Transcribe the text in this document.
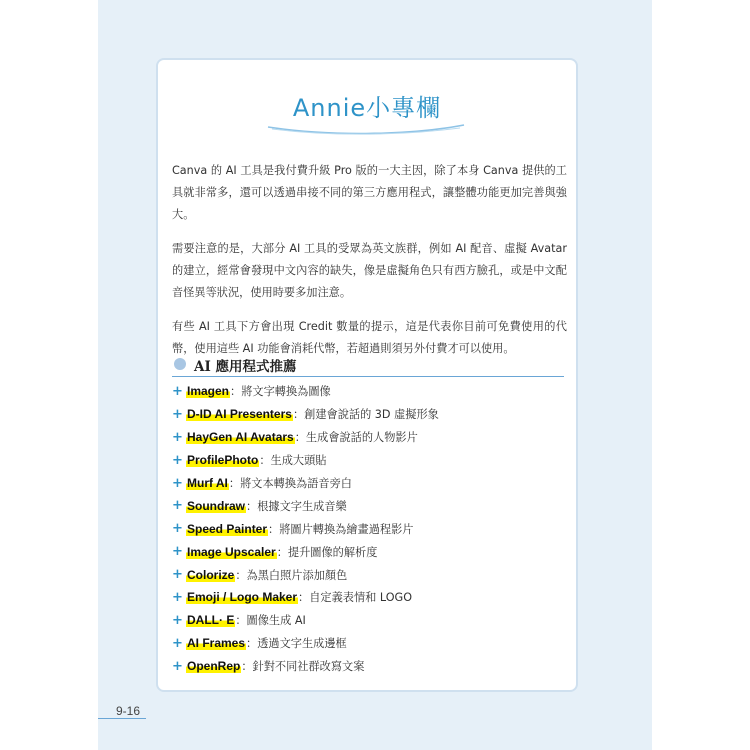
Annie小專欄

Canva 的 AI 工具是我付費升級 Pro 版的一大主因，除了本身 Canva 提供的工具就非常多，還可以透過串接不同的第三方應用程式，讓整體功能更加完善與強大。

需要注意的是，大部分 AI 工具的受眾為英文族群，例如 AI 配音、虛擬 Avatar 的建立，經常會發現中文內容的缺失，像是虛擬角色只有西方臉孔，或是中文配音怪異等狀況，使用時要多加注意。

有些 AI 工具下方會出現 Credit 數量的提示，這是代表你目前可免費使用的代幣，使用這些 AI 功能會消耗代幣，若超過則須另外付費才可以使用。

AI 應用程式推薦
+ Imagen ：將文字轉換為圖像
+ D-ID AI Presenters ：創建會說話的 3D 虛擬形象
+ HayGen AI Avatars ：生成會說話的人物影片
+ ProfilePhoto ：生成大頭貼
+ Murf AI ：將文本轉換為語音旁白
+ Soundraw ：根據文字生成音樂
+ Speed Painter ：將圖片轉換為繪畫過程影片
+ Image Upscaler ：提升圖像的解析度
+ Colorize ：為黑白照片添加顏色
+ Emoji / Logo Maker ：自定義表情和 LOGO
+ DALL· E ：圖像生成 AI
+ AI Frames ：透過文字生成邊框
+ OpenRep ：針對不同社群改寫文案
9-16
